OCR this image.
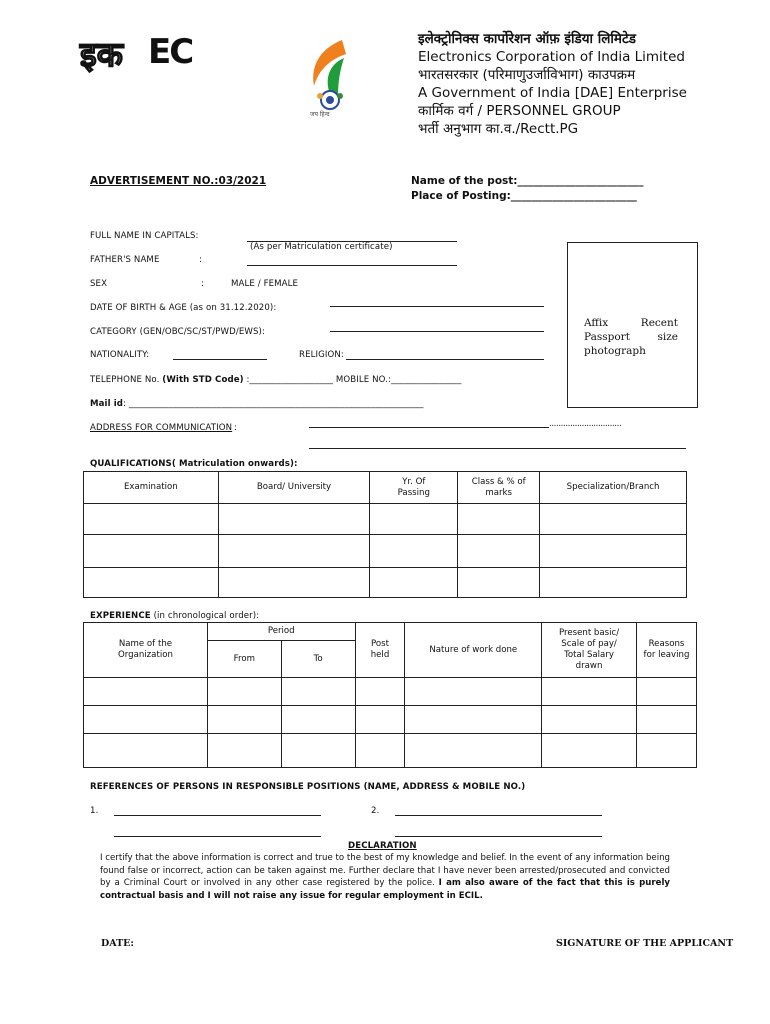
इक EC
जय हिन्द
इलेक्ट्रोनिक्स कार्पोरेशन ऑफ़ इंडिया लिमिटेड
Electronics Corporation of India Limited
भारतसरकार (परिमाणुउर्जाविभाग) काउपक्रम
A Government of India [DAE] Enterprise
कार्मिक वर्ग / PERSONNEL GROUP
भर्ती अनुभाग का.व./Rectt.PG
ADVERTISEMENT NO.:03/2021	Name of the post:________________________
Place of Posting:________________________
FULL NAME IN CAPITALS:
(As per Matriculation certificate)
FATHER'S NAME	:
SEX	:	MALE / FEMALE
DATE OF BIRTH & AGE (as on 31.12.2020):
CATEGORY (GEN/OBC/SC/ST/PWD/EWS):
NATIONALITY:	RELIGION:
TELEPHONE No. (With STD Code) :___________________ MOBILE NO.:________________
Mail id: ___________________________________________________________________
ADDRESS FOR COMMUNICATION :	...............................
Affix Recent Passport size photograph
QUALIFICATIONS( Matriculation onwards):
Examination	Board/ University	Yr. Of Passing	Class & % of marks	Specialization/Branch

EXPERIENCE (in chronological order):
Name of the Organization	Period		Post held	Nature of work done	Present basic/ Scale of pay/ Total Salary drawn	Reasons for leaving
	From	To				

REFERENCES OF PERSONS IN RESPONSIBLE POSITIONS (NAME, ADDRESS & MOBILE NO.)
1.	2.
DECLARATION
I certify that the above information is correct and true to the best of my knowledge and belief. In the event of any information being found false or incorrect, action can be taken against me. Further declare that I have never been arrested/prosecuted and convicted by a Criminal Court or involved in any other case registered by the police. I am also aware of the fact that this is purely contractual basis and I will not raise any issue for regular employment in ECIL.
DATE:	SIGNATURE OF THE APPLICANT
